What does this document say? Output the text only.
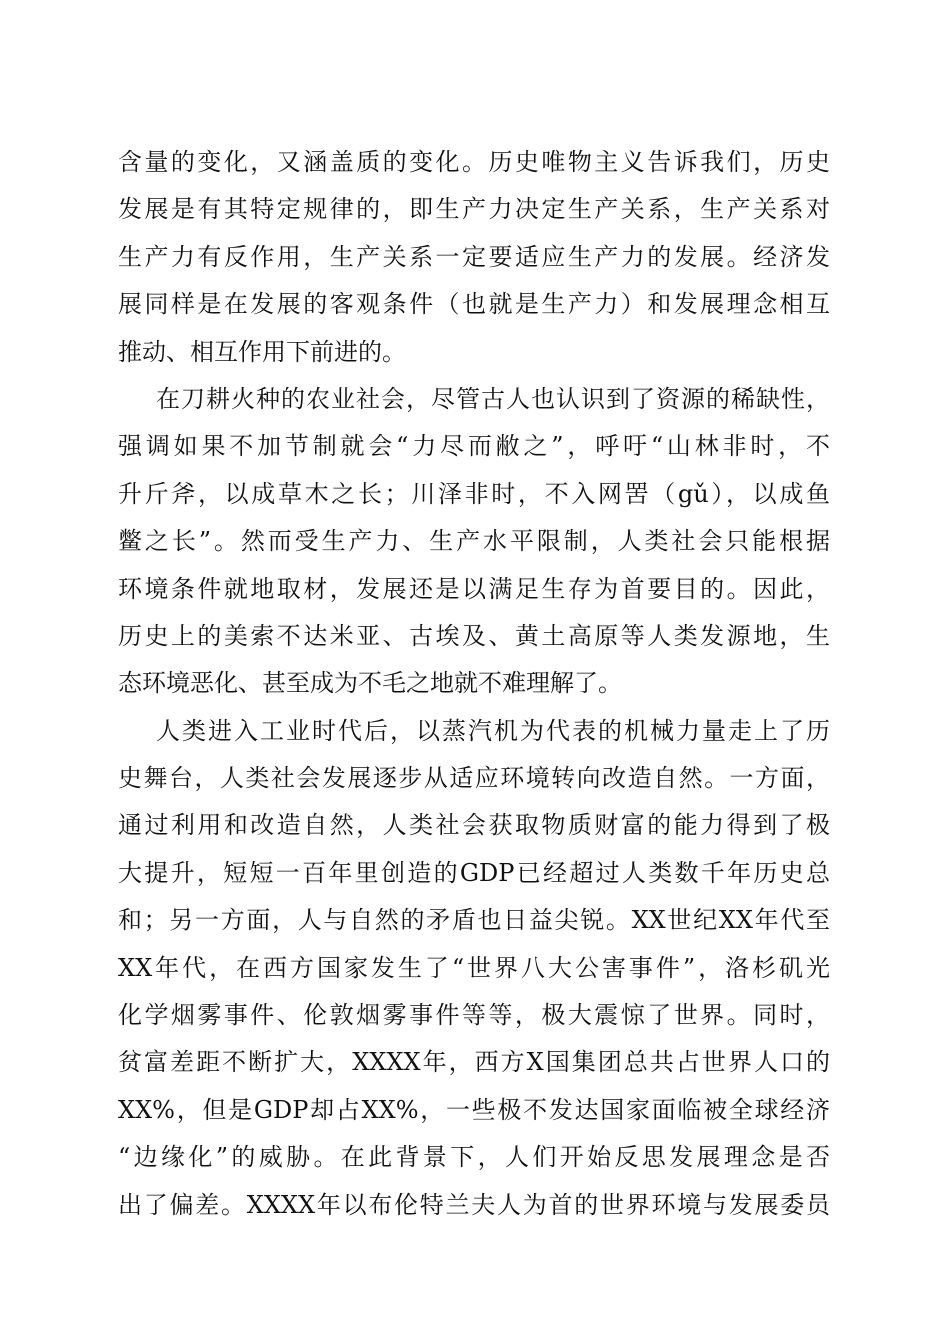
含量的变化，又涵盖质的变化。历史唯物主义告诉我们，历史
发展是有其特定规律的，即生产力决定生产关系，生产关系对
生产力有反作用，生产关系一定要适应生产力的发展。经济发
展同样是在发展的客观条件（也就是生产力）和发展理念相互
推动、相互作用下前进的。
在刀耕火种的农业社会，尽管古人也认识到了资源的稀缺性，
强调如果不加节制就会“力尽而敝之”，呼吁“山林非时，不
升斤斧，以成草木之长；川泽非时，不入网罟（gǔ），以成鱼
鳖之长”。然而受生产力、生产水平限制，人类社会只能根据
环境条件就地取材，发展还是以满足生存为首要目的。因此，
历史上的美索不达米亚、古埃及、黄土高原等人类发源地，生
态环境恶化、甚至成为不毛之地就不难理解了。
人类进入工业时代后，以蒸汽机为代表的机械力量走上了历
史舞台，人类社会发展逐步从适应环境转向改造自然。一方面，
通过利用和改造自然，人类社会获取物质财富的能力得到了极
大提升，短短一百年里创造的GDP已经超过人类数千年历史总
和；另一方面，人与自然的矛盾也日益尖锐。XX世纪XX年代至
XX年代，在西方国家发生了“世界八大公害事件”，洛杉矶光
化学烟雾事件、伦敦烟雾事件等等，极大震惊了世界。同时，
贫富差距不断扩大，XXXX年，西方X国集团总共占世界人口的
XX%，但是GDP却占XX%，一些极不发达国家面临被全球经济
“边缘化”的威胁。在此背景下，人们开始反思发展理念是否
出了偏差。XXXX年以布伦特兰夫人为首的世界环境与发展委员
